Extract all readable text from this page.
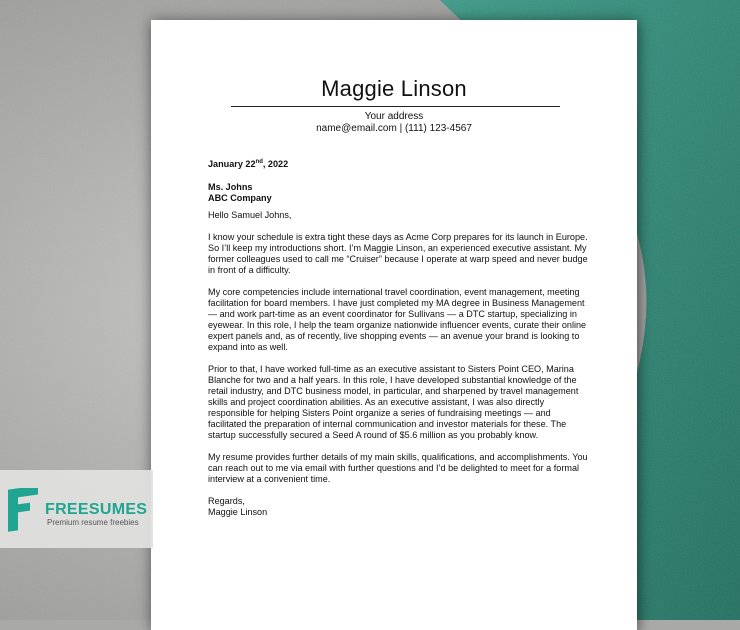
Maggie Linson
Your address
name@email.com | (111) 123-4567
January 22nd, 2022
Ms. Johns
ABC Company

Hello Samuel Johns,

I know your schedule is extra tight these days as Acme Corp prepares for its launch in Europe. So I’ll keep my introductions short. I’m Maggie Linson, an experienced executive assistant. My former colleagues used to call me “Cruiser” because I operate at warp speed and never budge in front of a difficulty.

My core competencies include international travel coordination, event management, meeting facilitation for board members. I have just completed my MA degree in Business Management — and work part-time as an event coordinator for Sullivans — a DTC startup, specializing in eyewear. In this role, I help the team organize nationwide influencer events, curate their online expert panels and, as of recently, live shopping events — an avenue your brand is looking to expand into as well.

Prior to that, I have worked full-time as an executive assistant to Sisters Point CEO, Marina Blanche for two and a half years. In this role, I have developed substantial knowledge of the retail industry, and DTC business model, in particular, and sharpened by travel management skills and project coordination abilities. As an executive assistant, I was also directly responsible for helping Sisters Point organize a series of fundraising meetings — and facilitated the preparation of internal communication and investor materials for these. The startup successfully secured a Seed A round of $5.6 million as you probably know.

My resume provides further details of my main skills, qualifications, and accomplishments. You can reach out to me via email with further questions and I’d be delighted to meet for a formal interview at a convenient time.

Regards,
Maggie Linson
FREESUMES
Premium resume freebies
